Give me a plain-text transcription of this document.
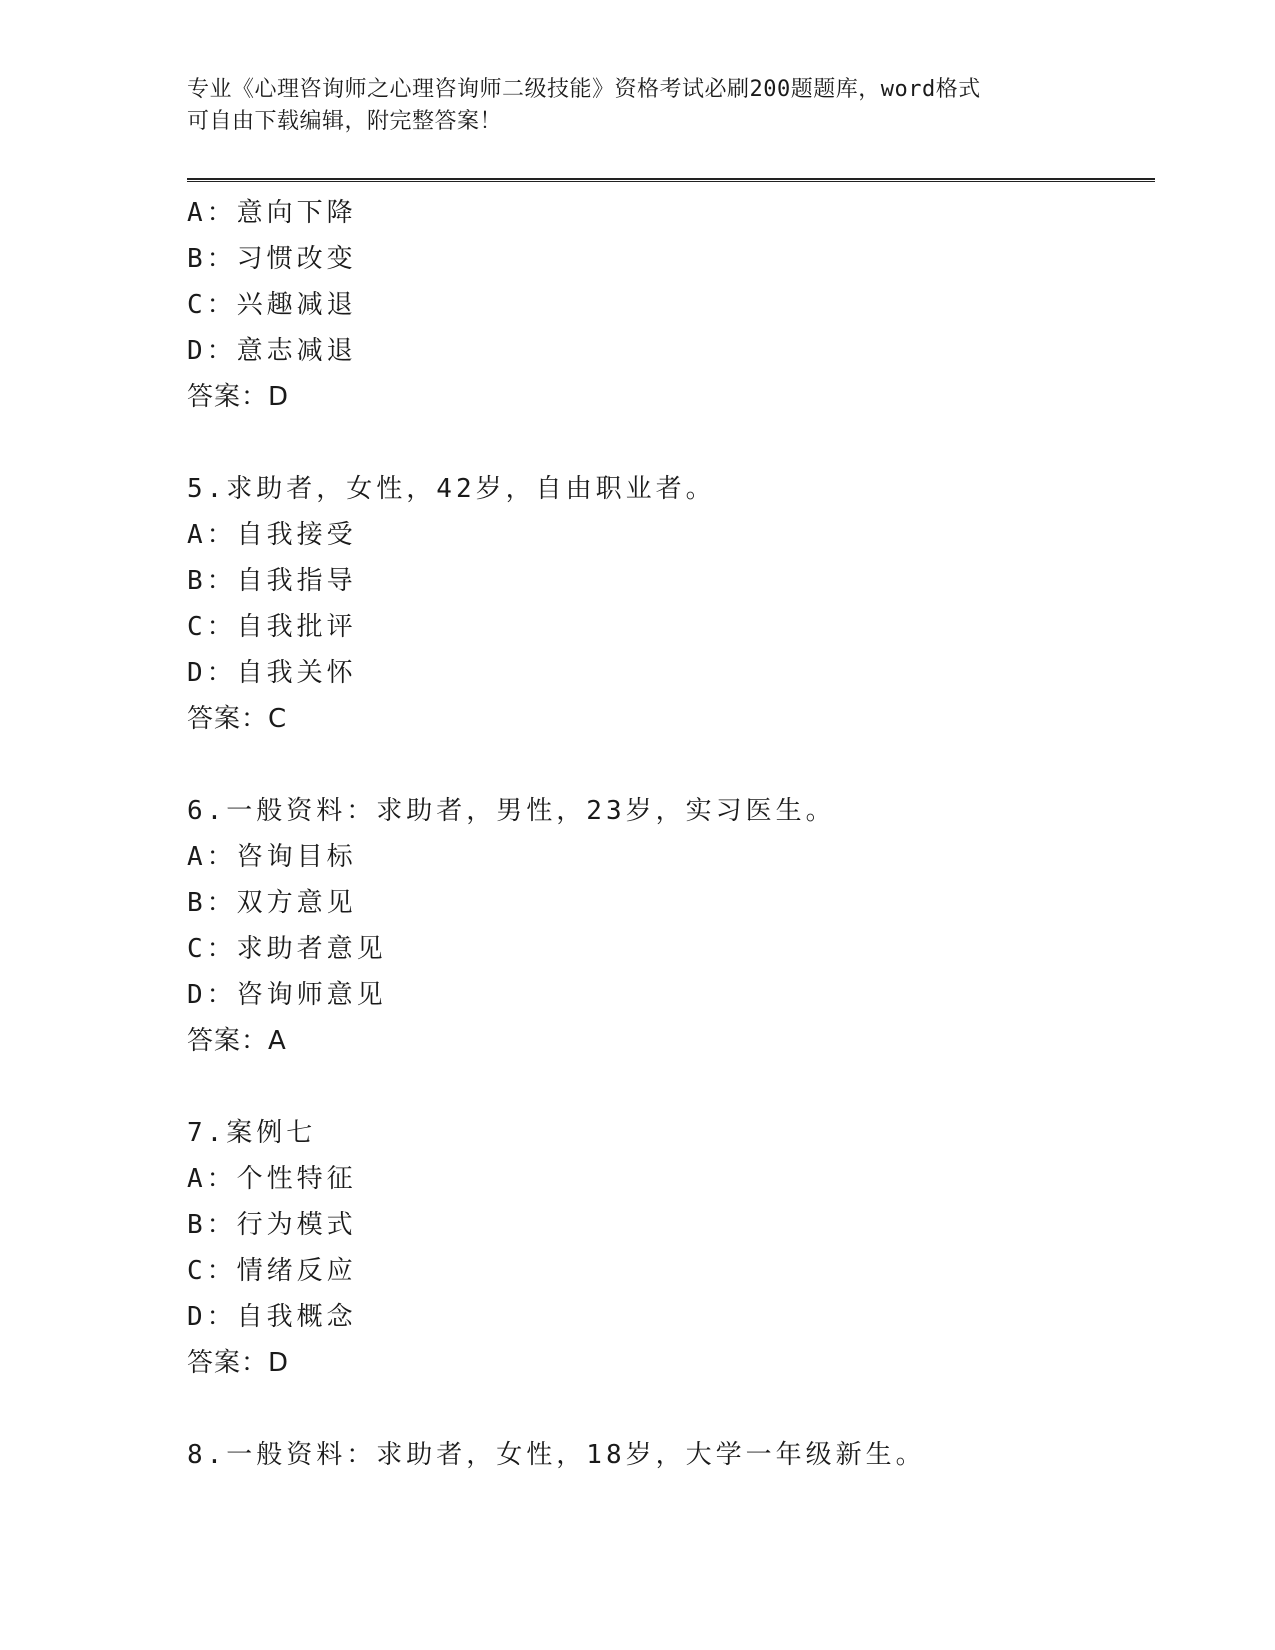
专业《心理咨询师之心理咨询师二级技能》资格考试必刷200题题库，word格式
可自由下载编辑，附完整答案！
A：意向下降
B：习惯改变
C：兴趣减退
D：意志减退
答案：D
5.求助者，女性，42岁，自由职业者。
A：自我接受
B：自我指导
C：自我批评
D：自我关怀
答案：C
6.一般资料：求助者，男性，23岁，实习医生。
A：咨询目标
B：双方意见
C：求助者意见
D：咨询师意见
答案：A
7.案例七
A：个性特征
B：行为模式
C：情绪反应
D：自我概念
答案：D
8.一般资料：求助者，女性，18岁，大学一年级新生。
